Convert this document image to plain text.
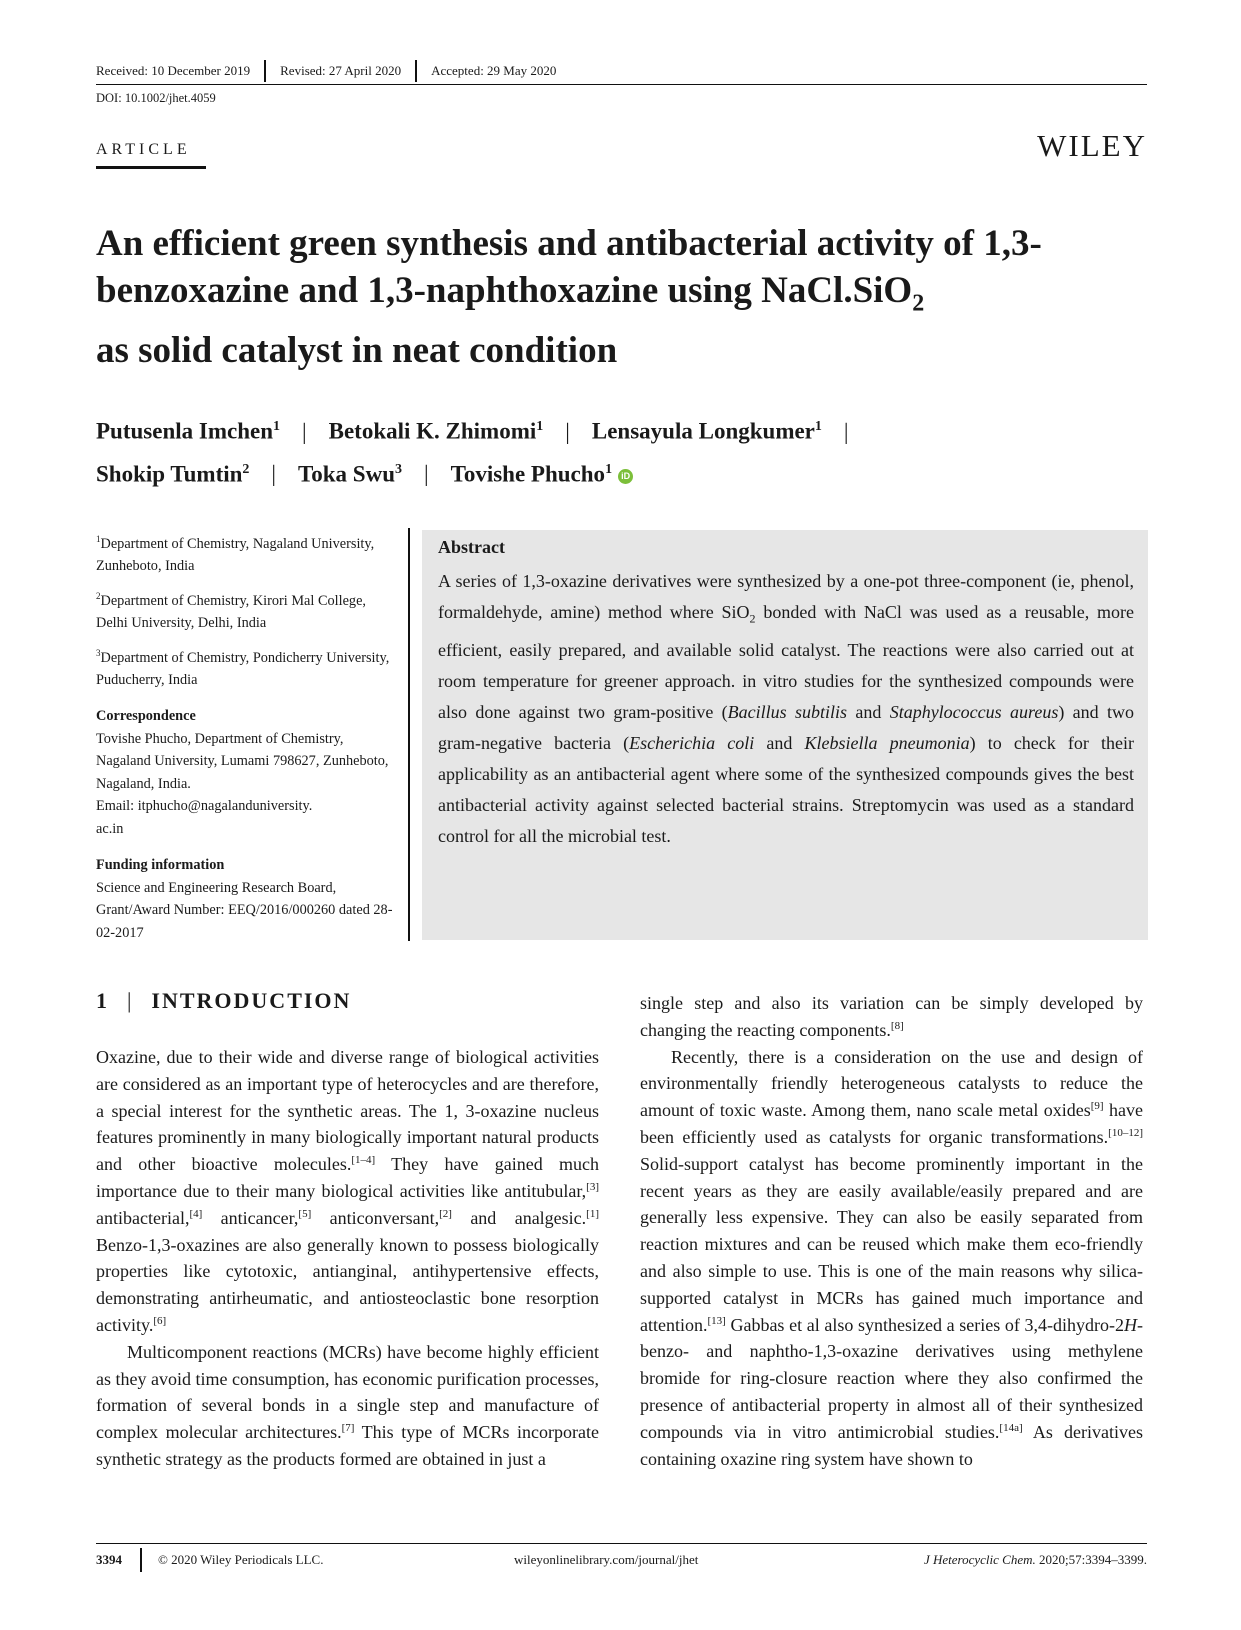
Received: 10 December 2019 Revised: 27 April 2020 Accepted: 29 May 2020
DOI: 10.1002/jhet.4059
ARTICLE	WILEY
An efficient green synthesis and antibacterial activity of 1,3-benzoxazine and 1,3-naphthoxazine using NaCl.SiO$_2$
as solid catalyst in neat condition
Putusenla Imchen$^1$ | Betokali K. Zhimomi$^1$ | Lensayula Longkumer$^1$ |
Shokip Tumtin$^2$ | Toka Swu$^3$ | Tovishe Phucho$^1$ iD

$^1$Department of Chemistry, Nagaland University, Zunheboto, India

$^2$Department of Chemistry, Kirori Mal College, Delhi University, Delhi, India

$^3$Department of Chemistry, Pondicherry University, Puducherry, India

Correspondence
Tovishe Phucho, Department of Chemistry, Nagaland University, Lumami 798627, Zunheboto, Nagaland, India.
Email: itphucho@nagalanduniversity.
ac.in
Funding information
Science and Engineering Research Board, Grant/Award Number: EEQ/2016/000260 dated 28-02-2017
Abstract
A series of 1,3-oxazine derivatives were synthesized by a one-pot three-component (ie, phenol, formaldehyde, amine) method where SiO$_2$ bonded with NaCl was used as a reusable, more efficient, easily prepared, and available solid catalyst. The reactions were also carried out at room temperature for greener approach. in vitro studies for the synthesized compounds were also done against two gram-positive (Bacillus subtilis and Staphylococcus aureus) and two gram-negative bacteria (Escherichia coli and Klebsiella pneumonia) to check for their applicability as an antibacterial agent where some of the synthesized compounds gives the best antibacterial activity against selected bacterial strains. Streptomycin was used as a standard control for all the microbial test.
1 | INTRODUCTION

Oxazine, due to their wide and diverse range of biological activities are considered as an important type of heterocycles and are therefore, a special interest for the synthetic areas. The 1, 3-oxazine nucleus features prominently in many biologically important natural products and other bioactive molecules.[1–4] They have gained much importance due to their many biological activities like antitubular,[3] antibacterial,[4] anticancer,[5] anticonversant,[2] and analgesic.[1] Benzo-1,3-oxazines are also generally known to possess biologically properties like cytotoxic, antianginal, antihypertensive effects, demonstrating antirheumatic, and antiosteoclastic bone resorption activity.[6]

Multicomponent reactions (MCRs) have become highly efficient as they avoid time consumption, has economic purification processes, formation of several bonds in a single step and manufacture of complex molecular architectures.[7] This type of MCRs incorporate synthetic strategy as the products formed are obtained in just a

single step and also its variation can be simply developed by changing the reacting components.[8]

Recently, there is a consideration on the use and design of environmentally friendly heterogeneous catalysts to reduce the amount of toxic waste. Among them, nano scale metal oxides[9] have been efficiently used as catalysts for organic transformations.[10–12] Solid-support catalyst has become prominently important in the recent years as they are easily available/easily prepared and are generally less expensive. They can also be easily separated from reaction mixtures and can be reused which make them eco-friendly and also simple to use. This is one of the main reasons why silica-supported catalyst in MCRs has gained much importance and attention.[13] Gabbas et al also synthesized a series of 3,4-dihydro-2H-benzo- and naphtho-1,3-oxazine derivatives using methylene bromide for ring-closure reaction where they also confirmed the presence of antibacterial property in almost all of their synthesized compounds via in vitro antimicrobial studies.[14a] As derivatives containing oxazine ring system have shown to

3394	© 2020 Wiley Periodicals LLC.	wileyonlinelibrary.com/journal/jhet	J Heterocyclic Chem. 2020;57:3394–3399.
